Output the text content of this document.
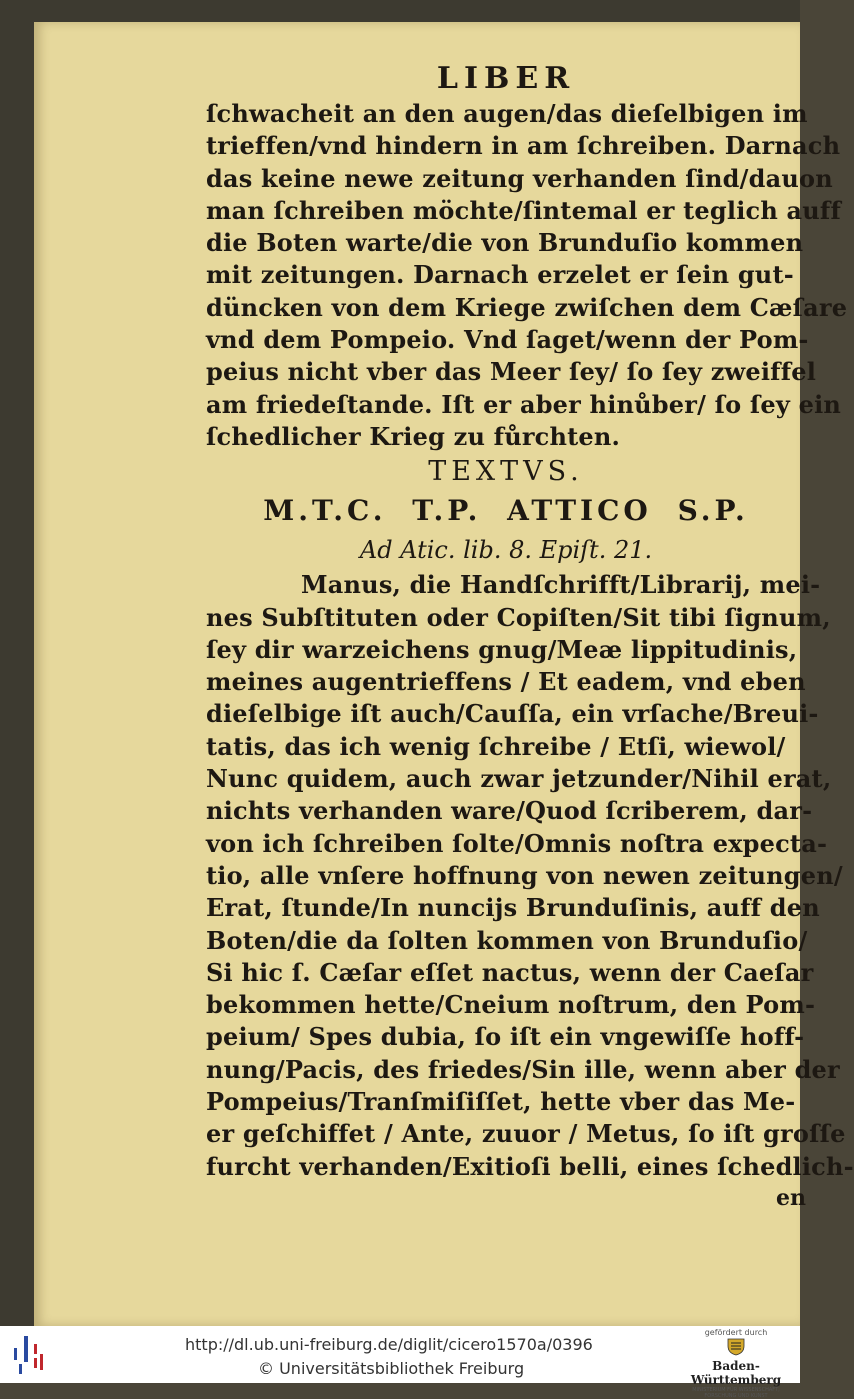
LIBER
ſchwacheit an den augen/das dieſelbigen im
trieffen/vnd hindern in am ſchreiben. Darnach
das keine newe zeitung verhanden ſind/dauon
man ſchreiben möchte/ſintemal er teglich auff
die Boten warte/die von Brunduſio kommen
mit zeitungen. Darnach erzelet er ſein gut-
düncken von dem Kriege zwiſchen dem Cæſare
vnd dem Pompeio. Vnd ſaget/wenn der Pom-
peius nicht vber das Meer ſey/ ſo ſey zweiffel
am friedeſtande. Iſt er aber hinůber/ ſo ſey ein
ſchedlicher Krieg zu fůrchten.
TEXTVS.
M.T.C. T.P. ATTICO S.P.
Ad Atic. lib. 8. Epiſt. 21.
Manus, die Handſchrifft/Librarij, mei-
nes Subſtituten oder Copiſten/Sit tibi ſignum,
ſey dir warzeichens gnug/Meæ lippitudinis,
meines augentrieffens / Et eadem, vnd eben
dieſelbige iſt auch/Cauſſa, ein vrſache/Breui-
tatis, das ich wenig ſchreibe / Etſi, wiewol/
Nunc quidem, auch zwar jetzunder/Nihil erat,
nichts verhanden ware/Quod ſcriberem, dar-
von ich ſchreiben ſolte/Omnis noſtra expecta-
tio, alle vnſere hoffnung von newen zeitungen/
Erat, ſtunde/In nuncijs Brunduſinis, auff den
Boten/die da ſolten kommen von Brunduſio/
Si hic ſ. Cæſar eſſet nactus, wenn der Caeſar
bekommen hette/Cneium noſtrum, den Pom-
peium/ Spes dubia, ſo iſt ein vngewiſſe hoff-
nung/Pacis, des friedes/Sin ille, wenn aber der
Pompeius/Tranſmiſiſſet, hette vber das Me-
er geſchiffet / Ante, zuuor / Metus, ſo iſt groſſe
furcht verhanden/Exitioſi belli, eines ſchedlich-
en
http://dl.ub.uni-freiburg.de/diglit/cicero1570a/0396
© Universitätsbibliothek Freiburg
gefördert durch
Baden-Württemberg
MINISTERIUM FÜR WISSENSCHAFT, FORSCHUNG UND KUNST
